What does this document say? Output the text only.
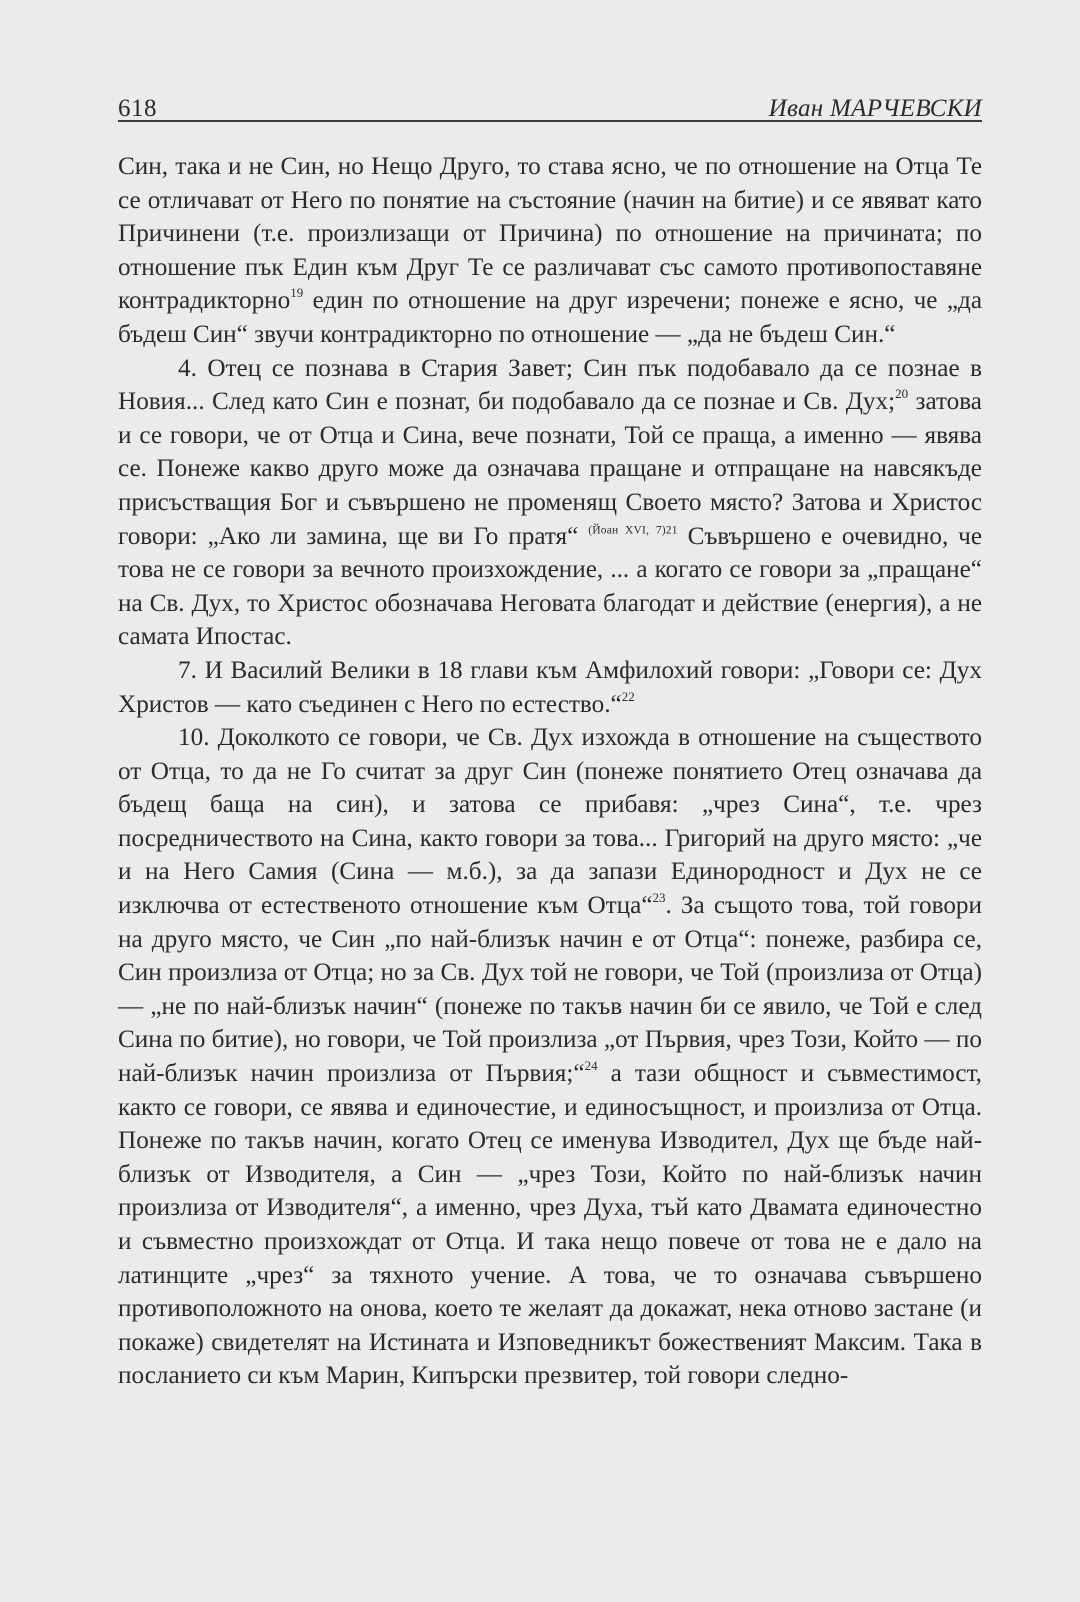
618	Иван МАРЧЕВСКИ

Син, така и не Син, но Нещо Друго, то става ясно, че по отношение на Отца Те се отличават от Него по понятие на състояние (начин на битие) и се явяват като Причинени (т.е. произлизащи от Причина) по отношение на причината; по отношение пък Един към Друг Те се различават със самото противопоставяне контрадикторно$^{19}$ един по отношение на друг изречени; понеже е ясно, че „да бъдеш Син“ звучи контрадикторно по отношение — „да не бъдеш Син.“

4. Отец се познава в Стария Завет; Син пък подобавало да се познае в Новия... След като Син е познат, би подобавало да се познае и Св. Дух;$^{20}$ затова и се говори, че от Отца и Сина, вече познати, Той се праща, а именно — явява се. Понеже какво друго може да означава пращане и отпращане на навсякъде присъстващия Бог и съвършено не променящ Своето място? Затова и Христос говори: „Ако ли замина, ще ви Го пратя“ $^{(Йоан XVI, 7)21}$ Съвършено е очевидно, че това не се говори за вечното произхождение, ... а когато се говори за „пращане“ на Св. Дух, то Христос обозначава Неговата благодат и действие (енергия), а не самата Ипостас.

7. И Василий Велики в 18 глави към Амфилохий говори: „Говори се: Дух Христов — като съединен с Него по естество.“$^{22}$

10. Доколкото се говори, че Св. Дух изхожда в отношение на съществото от Отца, то да не Го считат за друг Син (понеже понятието Отец означава да бъдещ баща на син), и затова се прибавя: „чрез Сина“, т.е. чрез посредничеството на Сина, както говори за това... Григорий на друго място: „че и на Него Самия (Сина — м.б.), за да запази Единородност и Дух не се изключва от естественото отношение към Отца“$^{23}$. За същото това, той говори на друго място, че Син „по най-близък начин е от Отца“: понеже, разбира се, Син произлиза от Отца; но за Св. Дух той не говори, че Той (произлиза от Отца) — „не по най-близък начин“ (понеже по такъв начин би се явило, че Той е след Сина по битие), но говори, че Той произлиза „от Първия, чрез Този, Който — по най-близък начин произлиза от Първия;“$^{24}$ а тази общност и съвместимост, както се говори, се явява и единочестие, и единосъщност, и произлиза от Отца. Понеже по такъв начин, когато Отец се именува Изводител, Дух ще бъде най-близък от Изводителя, а Син — „чрез Този, Който по най-близък начин произлиза от Изводителя“, а именно, чрез Духа, тъй като Двамата единочестно и съвместно произхождат от Отца. И така нещо повече от това не е дало на латинците „чрез“ за тяхното учение. А това, че то означава съвършено противоположното на онова, което те желаят да докажат, нека отново застане (и покаже) свидетелят на Истината и Изповедникът божественият Максим. Така в посланието си към Марин, Кипърски презвитер, той говори следно-
